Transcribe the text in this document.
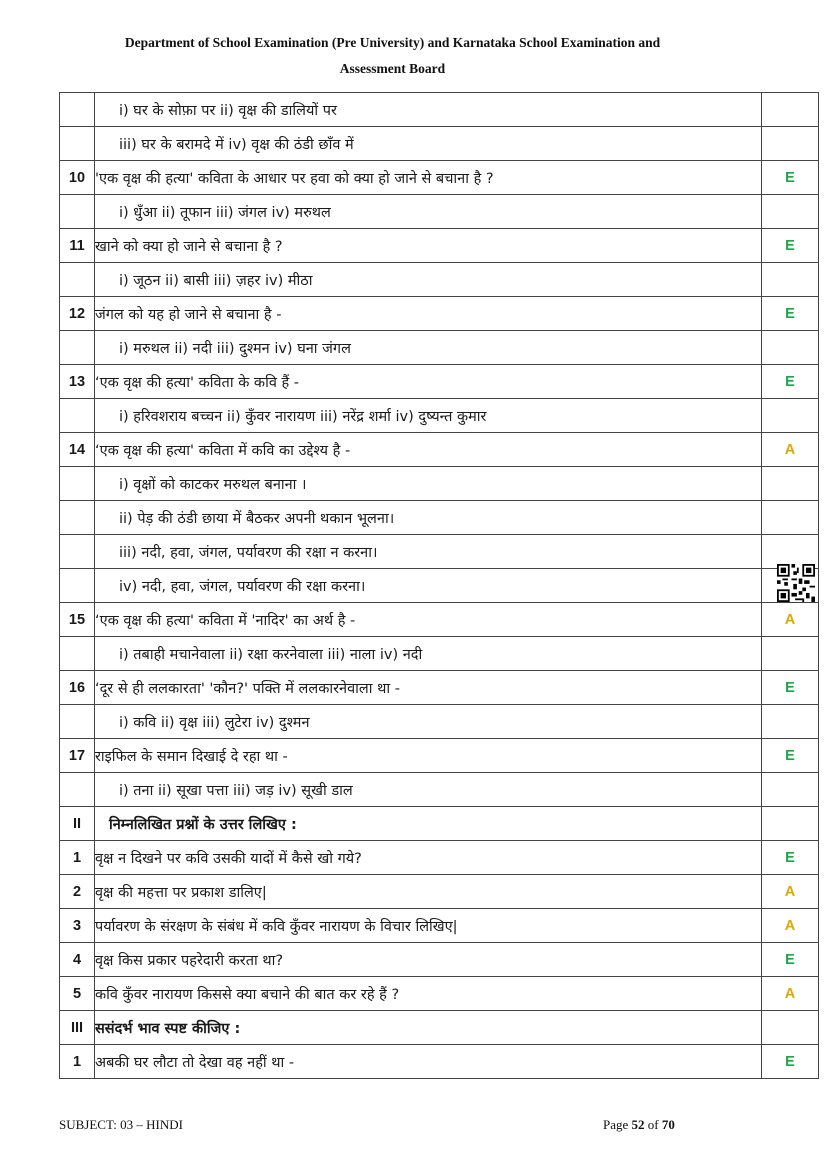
Department of School Examination (Pre University) and Karnataka School Examination and
Assessment Board
	i) घर के सोफ़ा पर ii) वृक्ष की डालियों पर	
	iii) घर के बरामदे में iv) वृक्ष की ठंडी छाँव में	
10	'एक वृक्ष की हत्या' कविता के आधार पर हवा को क्या हो जाने से बचाना है ?	E
	i) धुँआ ii) तूफान iii) जंगल iv) मरुथल	
11	खाने को क्या हो जाने से बचाना है ?	E
	i) जूठन ii) बासी iii) ज़हर iv) मीठा	
12	जंगल को यह हो जाने से बचाना है -	E
	i) मरुथल ii) नदी iii) दुश्मन iv) घना जंगल	
13	‘एक वृक्ष की हत्या' कविता के कवि हैं -	E
	i) हरिवशराय बच्चन ii) कुँवर नारायण iii) नरेंद्र शर्मा iv) दुष्यन्त कुमार	
14	‘एक वृक्ष की हत्या' कविता में कवि का उद्देश्य है -	A
	i) वृक्षों को काटकर मरुथल बनाना ।	
	ii) पेड़ की ठंडी छाया में बैठकर अपनी थकान भूलना।	
	iii) नदी, हवा, जंगल, पर्यावरण की रक्षा न करना।	
	iv) नदी, हवा, जंगल, पर्यावरण की रक्षा करना।	
15	‘एक वृक्ष की हत्या' कविता में 'नादिर' का अर्थ है -	A
	i) तबाही मचानेवाला ii) रक्षा करनेवाला iii) नाला iv) नदी	
16	‘दूर से ही ललकारता' 'कौन?' पक्ति में ललकारनेवाला था -	E
	i) कवि ii) वृक्ष iii) लुटेरा iv) दुश्मन	
17	राइफिल के समान दिखाई दे रहा था -	E
	i) तना ii) सूखा पत्ता iii) जड़ iv) सूखी डाल	
II	निम्नलिखित प्रश्नों के उत्तर लिखिए :	
1	वृक्ष न दिखने पर कवि उसकी यादों में कैसे खो गये?	E
2	वृक्ष की महत्ता पर प्रकाश डालिए|	A
3	पर्यावरण के संरक्षण के संबंध में कवि कुँवर नारायण के विचार लिखिए|	A
4	वृक्ष किस प्रकार पहरेदारी करता था?	E
5	कवि कुँवर नारायण किससे क्या बचाने की बात कर रहे हैं ?	A
III	ससंदर्भ भाव स्पष्ट कीजिए :	
1	अबकी घर लौटा तो देखा वह नहीं था -	E
SUBJECT: 03 – HINDI	Page 52 of 70
